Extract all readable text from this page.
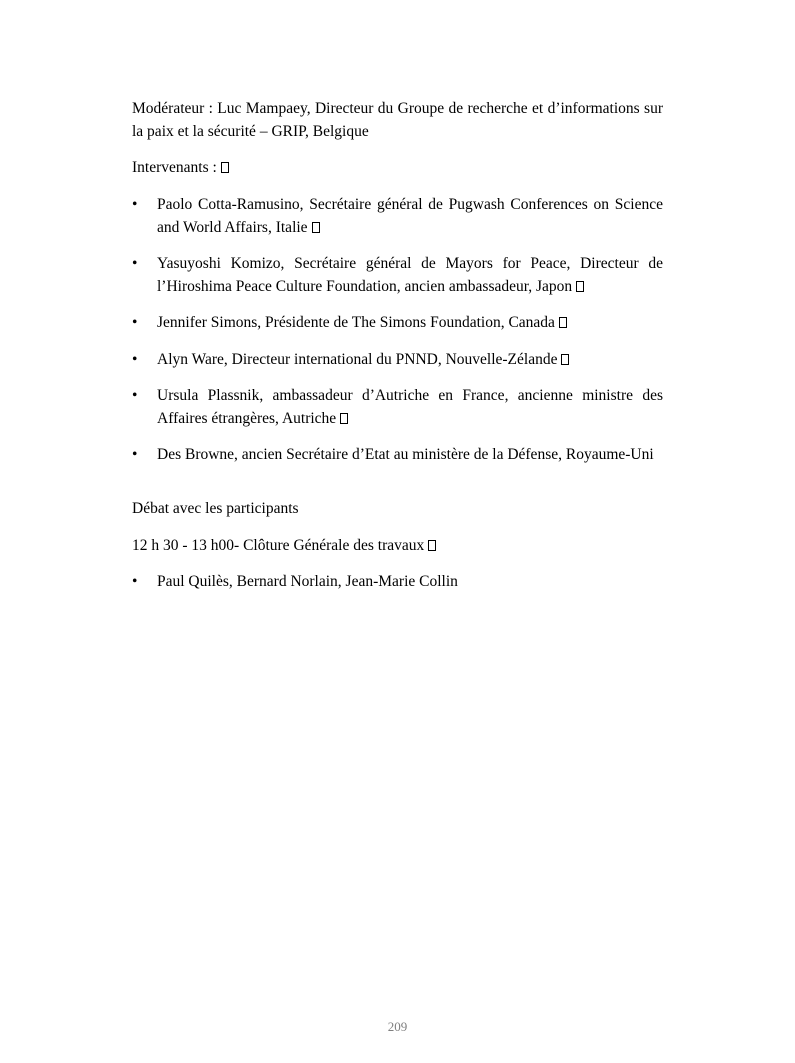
Modérateur : Luc Mampaey, Directeur du Groupe de recherche et d’informations sur la paix et la sécurité – GRIP, Belgique

Intervenants :

• Paolo Cotta-Ramusino, Secrétaire général de Pugwash Conferences on Science and World Affairs, Italie
• Yasuyoshi Komizo, Secrétaire général de Mayors for Peace, Directeur de l’Hiroshima Peace Culture Foundation, ancien ambassadeur, Japon
• Jennifer Simons, Présidente de The Simons Foundation, Canada
• Alyn Ware, Directeur international du PNND, Nouvelle-Zélande
• Ursula Plassnik, ambassadeur d’Autriche en France, ancienne ministre des Affaires étrangères, Autriche
• Des Browne, ancien Secrétaire d’Etat au ministère de la Défense, Royaume-Uni

Débat avec les participants

12 h 30 - 13 h00- Clôture Générale des travaux

• Paul Quilès, Bernard Norlain, Jean-Marie Collin
209
